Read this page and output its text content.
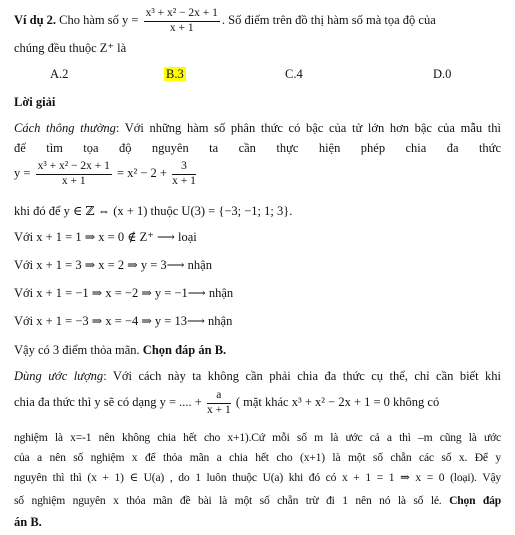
Ví dụ 2. Cho hàm số $y = \frac{\text{x³ + x² − 2x + 1}}{x + 1}$ . Số điểm trên đồ thị hàm số mà tọa độ của
chúng đều thuộc Z⁺ là
A.2	B.3	C.4	D.0
Lời giải
Cách thông thường: Với những hàm số phân thức có bậc của tử lớn hơn bậc của mẫu thì
để tìm tọa độ nguyên ta cần thực hiện phép chia đa thức
$y = \frac{\text{x³ + x² − 2x + 1}}{x + 1} = x^2 - 2 + \frac{3}{x + 1}$
khi đó để y ∈ ℤ ⇔ (x + 1) thuộc U(3) = {−3; −1; 1; 3}.
Với x + 1 = 1 ⇒ x = 0 ∉ Z⁺ ⟶ loại
Với x + 1 = 3 ⇒ x = 2 ⇒ y = 3⟶ nhận
Với x + 1 = −1 ⇒ x = −2 ⇒ y = −1⟶ nhận
Với x + 1 = −3 ⇒ x = −4 ⇒ y = 13⟶ nhận
Vậy có 3 điểm thỏa mãn. Chọn đáp án B.
Dùng ước lượng: Với cách này ta không cần phải chia đa thức cụ thể, chỉ cần biết khi
chia đa thức thì y sẽ có dạng y = .... + $\frac{a}{x + 1}$ ( mặt khác x³ + x² − 2x + 1 = 0 không có
nghiệm là x=-1 nên không chia hết cho x+1).Cứ mỗi số m là ước cả a thì –m cũng là ước
của a nên số nghiệm x để thỏa mãn a chia hết cho (x+1) là một số chẵn các số x. Để y
nguyên thì thì (x + 1) ∈ U(a) , do 1 luôn thuộc U(a) khi đó có x + 1 = 1 ⇒ x = 0 (loại). Vậy
số nghiệm nguyên x thỏa mãn đề bài là một số chẵn trừ đi 1 nên nó là số lẻ. Chọn đáp
án B.
